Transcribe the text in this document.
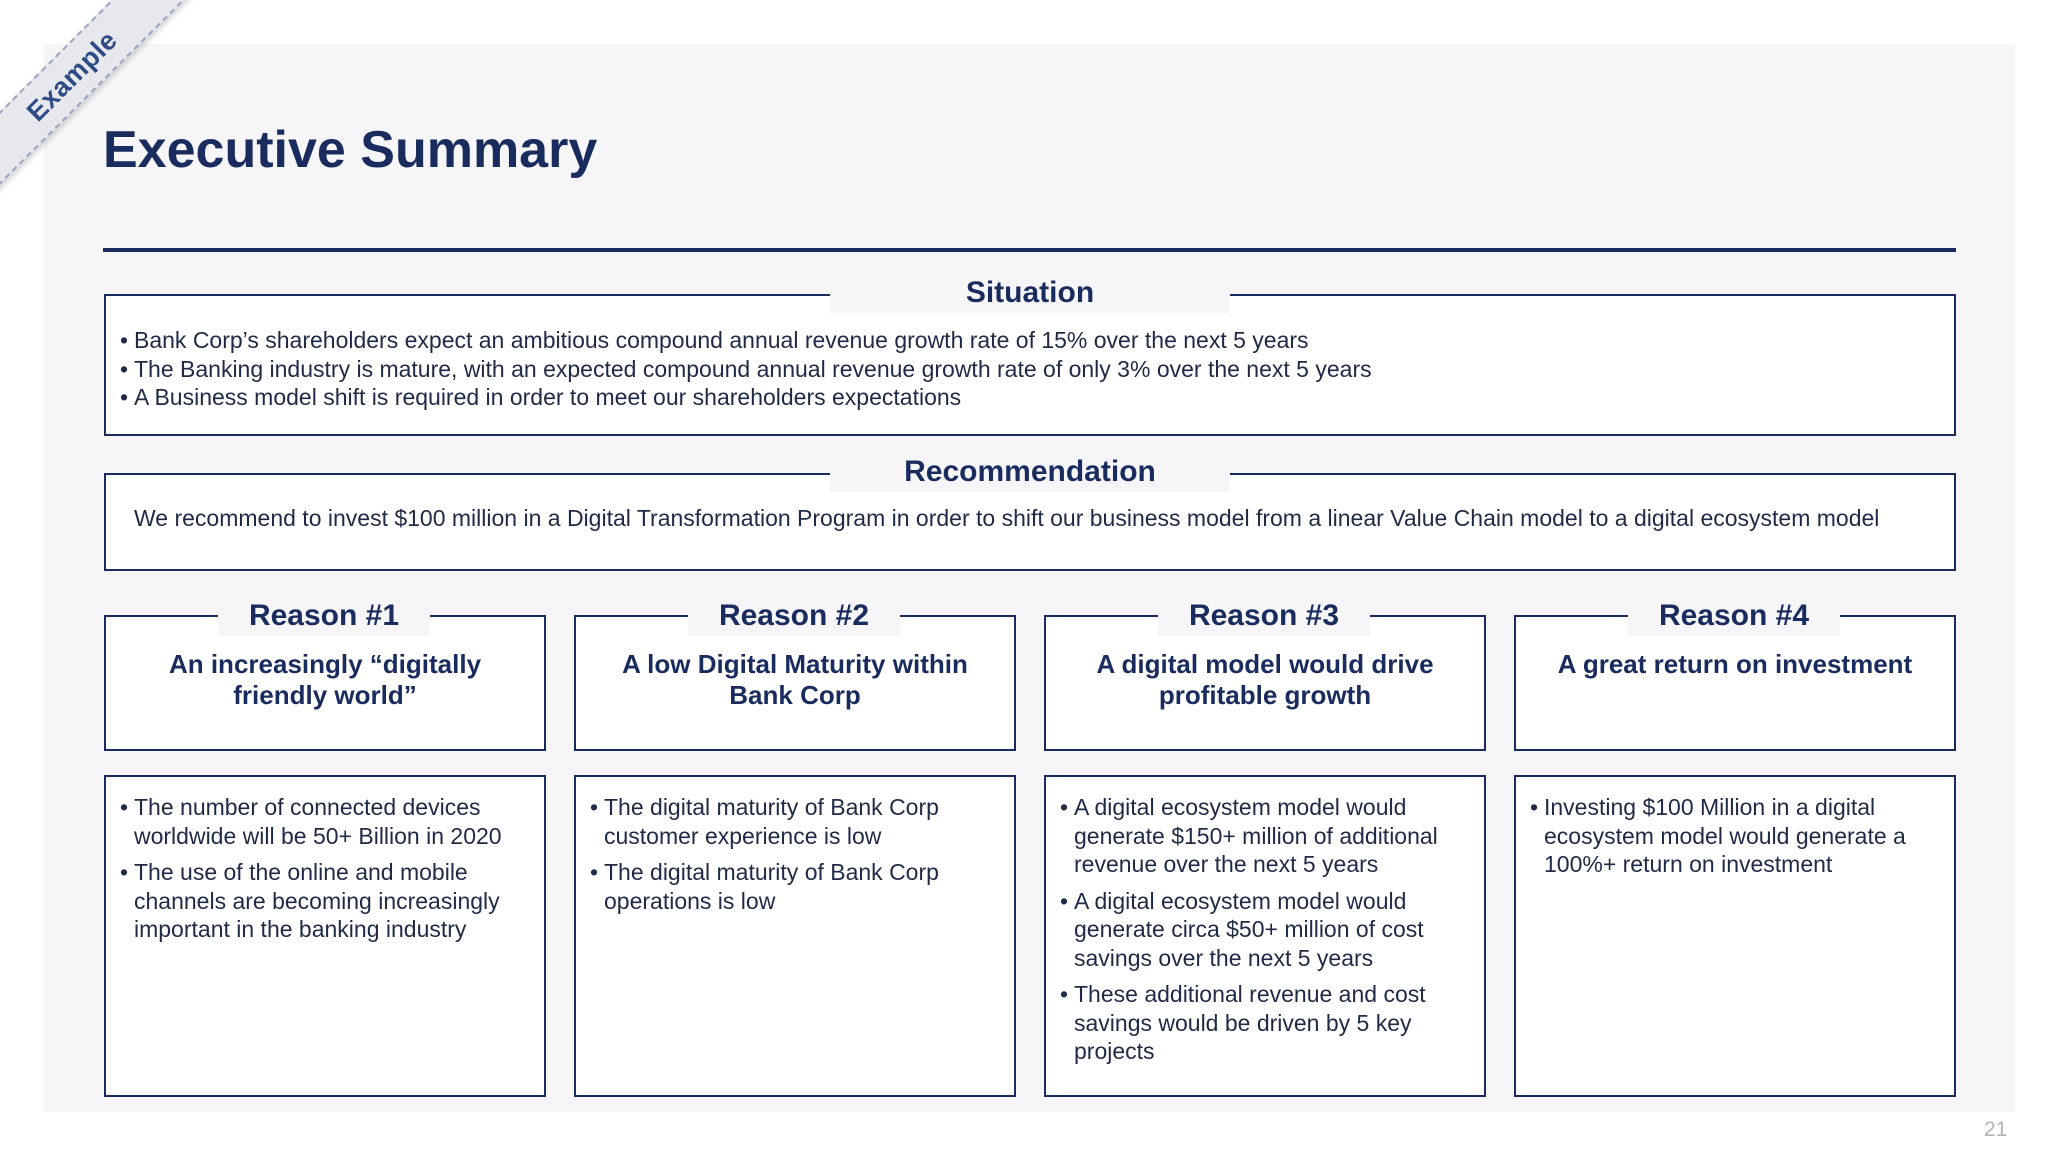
Example
Executive Summary
• Bank Corp’s shareholders expect an ambitious compound annual revenue growth rate of 15% over the next 5 years
• The Banking industry is mature, with an expected compound annual revenue growth rate of only 3% over the next 5 years
• A Business model shift is required in order to meet our shareholders expectations
Situation
We recommend to invest $100 million in a Digital Transformation Program in order to shift our business model from a linear Value Chain model to a digital ecosystem model
Recommendation
An increasingly “digitally friendly world”
Reason #1
• The number of connected devices worldwide will be 50+ Billion in 2020
• The use of the online and mobile channels are becoming increasingly important in the banking industry
A low Digital Maturity within Bank Corp
Reason #2
• The digital maturity of Bank Corp customer experience is low
• The digital maturity of Bank Corp operations is low
A digital model would drive profitable growth
Reason #3
• A digital ecosystem model would generate $150+ million of additional revenue over the next 5 years
• A digital ecosystem model would generate circa $50+ million of cost savings over the next 5 years
• These additional revenue and cost savings would be driven by 5 key projects
A great return on investment
Reason #4
• Investing $100 Million in a digital ecosystem model would generate a 100%+ return on investment
21
